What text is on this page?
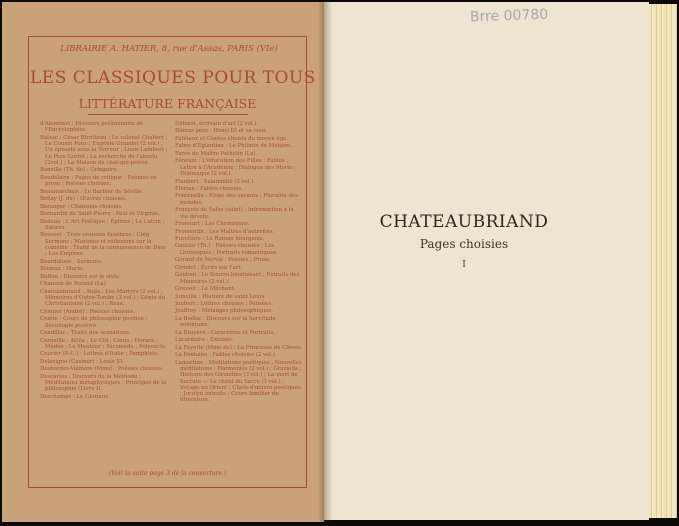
LIBRAIRIE A. HATIER, 8, rue d'Assas, PARIS (VIe)
LES CLASSIQUES POUR TOUS
LITTÉRATURE FRANÇAISE
d'Alembert : Discours préliminaire de l'Encyclopédie.
Balzac : César Birotteau ; Le colonel Chabert ; Le Cousin Pons ; Eugénie Grandet (2 vol.) ; Un épisode sous la Terreur ; Louis Lambert ; Le Père Goriot ; La recherche de l'absolu (2vol.) ; La Maison du chat-qui-pelote.
Banville (Th. de) : Gringoire.
Baudelaire : Pages de critique ; Poèmes en prose ; Poésies choisies.
Beaumarchais : Le Barbier de Séville.
Bellay (J. du) : Œuvres choisies.
Béranger : Chansons choisies.
Bernardin de Saint-Pierre : Paul et Virginie.
Boileau : L'Art Poétique ; Épîtres ; Le Lutrin ; Satires.
Bossuet : Trois oraisons funèbres ; Cinq Sermons ; Maximes et réflexions sur la comédie ; Traité de la connaissance de Dieu ; Les Empires.
Bourdaloue : Sermons.
Brizeux : Marie.
Buffon : Discours sur le style.
Chanson de Roland (La).
Chateaubriand : Atala ; Les Martyrs (2 vol.) ; Mémoires d'Outre-Tombe (3 vol.) ; Génie du Christianisme (2 vol.) ; René.
Chénier (André) : Poésies choisies.
Comte : Cours de philosophie positive ; Sociologie positive.
Condillac : Traité des sensations.
Corneille : Attila ; Le Cid ; Cinna ; Horace ; Médée ; Le Menteur ; Nicomède ; Polyeucte.
Courier (P.-L.) : Lettres d'Italie ; Pamphlets.
Delavigne (Casimir) : Louis XI.
Desbordes-Valmore (Mme) : Poésies choisies.
Descartes : Discours de la Méthode ; Méditations métaphysiques ; Principes de la philosophie (Livre I).
Deschamps : Le Glorieux.
Diderot, écrivain d'art (2 vol.).
Dumas père : Henri III et sa cour.
Fabliaux et Contes choisis du moyen âge.
Fabre d'Églantine : Le Philinte de Molière.
Farce de Maître Pathelin (La).
Fénelon : L'éducation des Filles ; Fables ; Lettre à l'Académie ; Dialogue des Morts ; Télémaque (2 vol.).
Flaubert : Salammbô (2 vol.).
Florian : Fables choisies.
Fontenelle : Éloge des savants ; Pluralité des mondes.
François de Sales (saint) : Introduction à la vie dévote.
Froissart : Les Chroniques.
Fromentin : Les Maîtres d'autrefois.
Furetière : Le Roman bourgeois.
Gautier (Th.) : Poésies choisies ; Les Grotesques ; Portraits romantiques.
Gérard de Nerval : Poésies ; Prose.
Girodet : Écrits sur l'art.
Goldoni : Le Bourru bienfaisant ; Extraits des Mémoires (2 vol.).
Gresset : Le Méchant.
Joinville : Histoire de saint Louis.
Joubert : Lettres choisies ; Pensées.
Jouffroy : Mélanges philosophiques.
La Boétie : Discours sur la Servitude volontaire.
La Bruyère : Caractères et Portraits.
Lacordaire : Extraits.
La Fayette (Mme de) : La Princesse de Clèves.
La Fontaine : Fables choisies (2 vol.).
Lamartine : Méditations poétiques ; Nouvelles méditations ; Harmonies (2 vol.) ; Graziella ; Histoire des Girondins (3 vol.) ; La mort de Socrate — Le chant du Sacre (1 vol.) ; Voyage en Orient ; Chefs-d'œuvre poétiques ; Jocelyn extraits ; Cours familier de littérature.
(Voir la suite page 3 de la couverture.)
Brre 00780
CHATEAUBRIAND
Pages choisies
I
